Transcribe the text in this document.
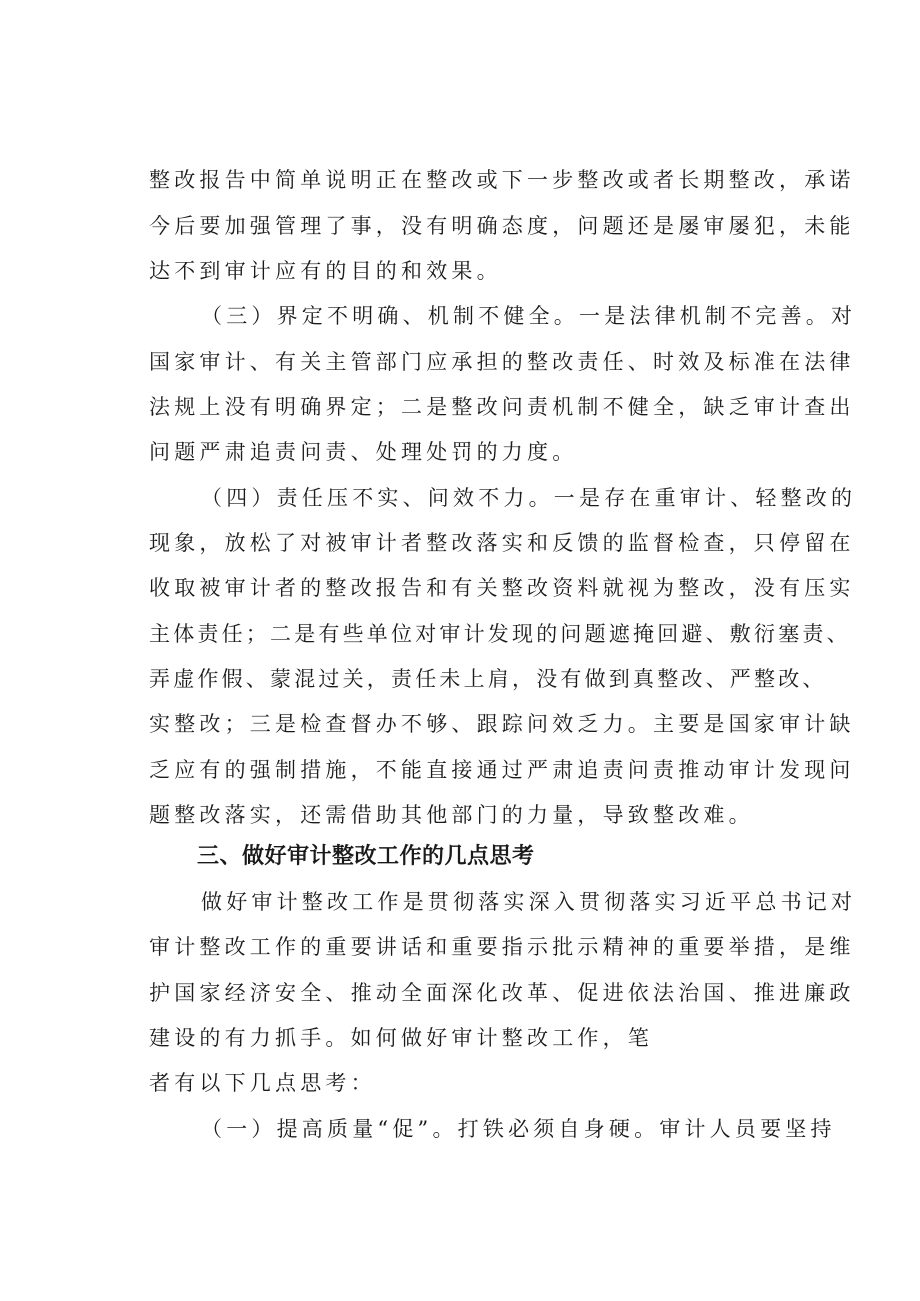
整改报告中简单说明正在整改或下一步整改或者长期整改，承诺

今后要加强管理了事，没有明确态度，问题还是屡审屡犯，未能

达不到审计应有的目的和效果。

（三）界定不明确、机制不健全。一是法律机制不完善。对

国家审计、有关主管部门应承担的整改责任、时效及标准在法律

法规上没有明确界定；二是整改问责机制不健全，缺乏审计查出

问题严肃追责问责、处理处罚的力度。

（四）责任压不实、问效不力。一是存在重审计、轻整改的

现象，放松了对被审计者整改落实和反馈的监督检查，只停留在

收取被审计者的整改报告和有关整改资料就视为整改，没有压实

主体责任；二是有些单位对审计发现的问题遮掩回避、敷衍塞责、

弄虚作假、蒙混过关，责任未上肩，没有做到真整改、严整改、

实整改；三是检查督办不够、跟踪问效乏力。主要是国家审计缺

乏应有的强制措施，不能直接通过严肃追责问责推动审计发现问

题整改落实，还需借助其他部门的力量，导致整改难。

三、做好审计整改工作的几点思考

做好审计整改工作是贯彻落实深入贯彻落实习近平总书记对

审计整改工作的重要讲话和重要指示批示精神的重要举措，是维

护国家经济安全、推动全面深化改革、促进依法治国、推进廉政

建设的有力抓手。如何做好审计整改工作，笔

者有以下几点思考：

（一）提高质量“促”。打铁必须自身硬。审计人员要坚持
